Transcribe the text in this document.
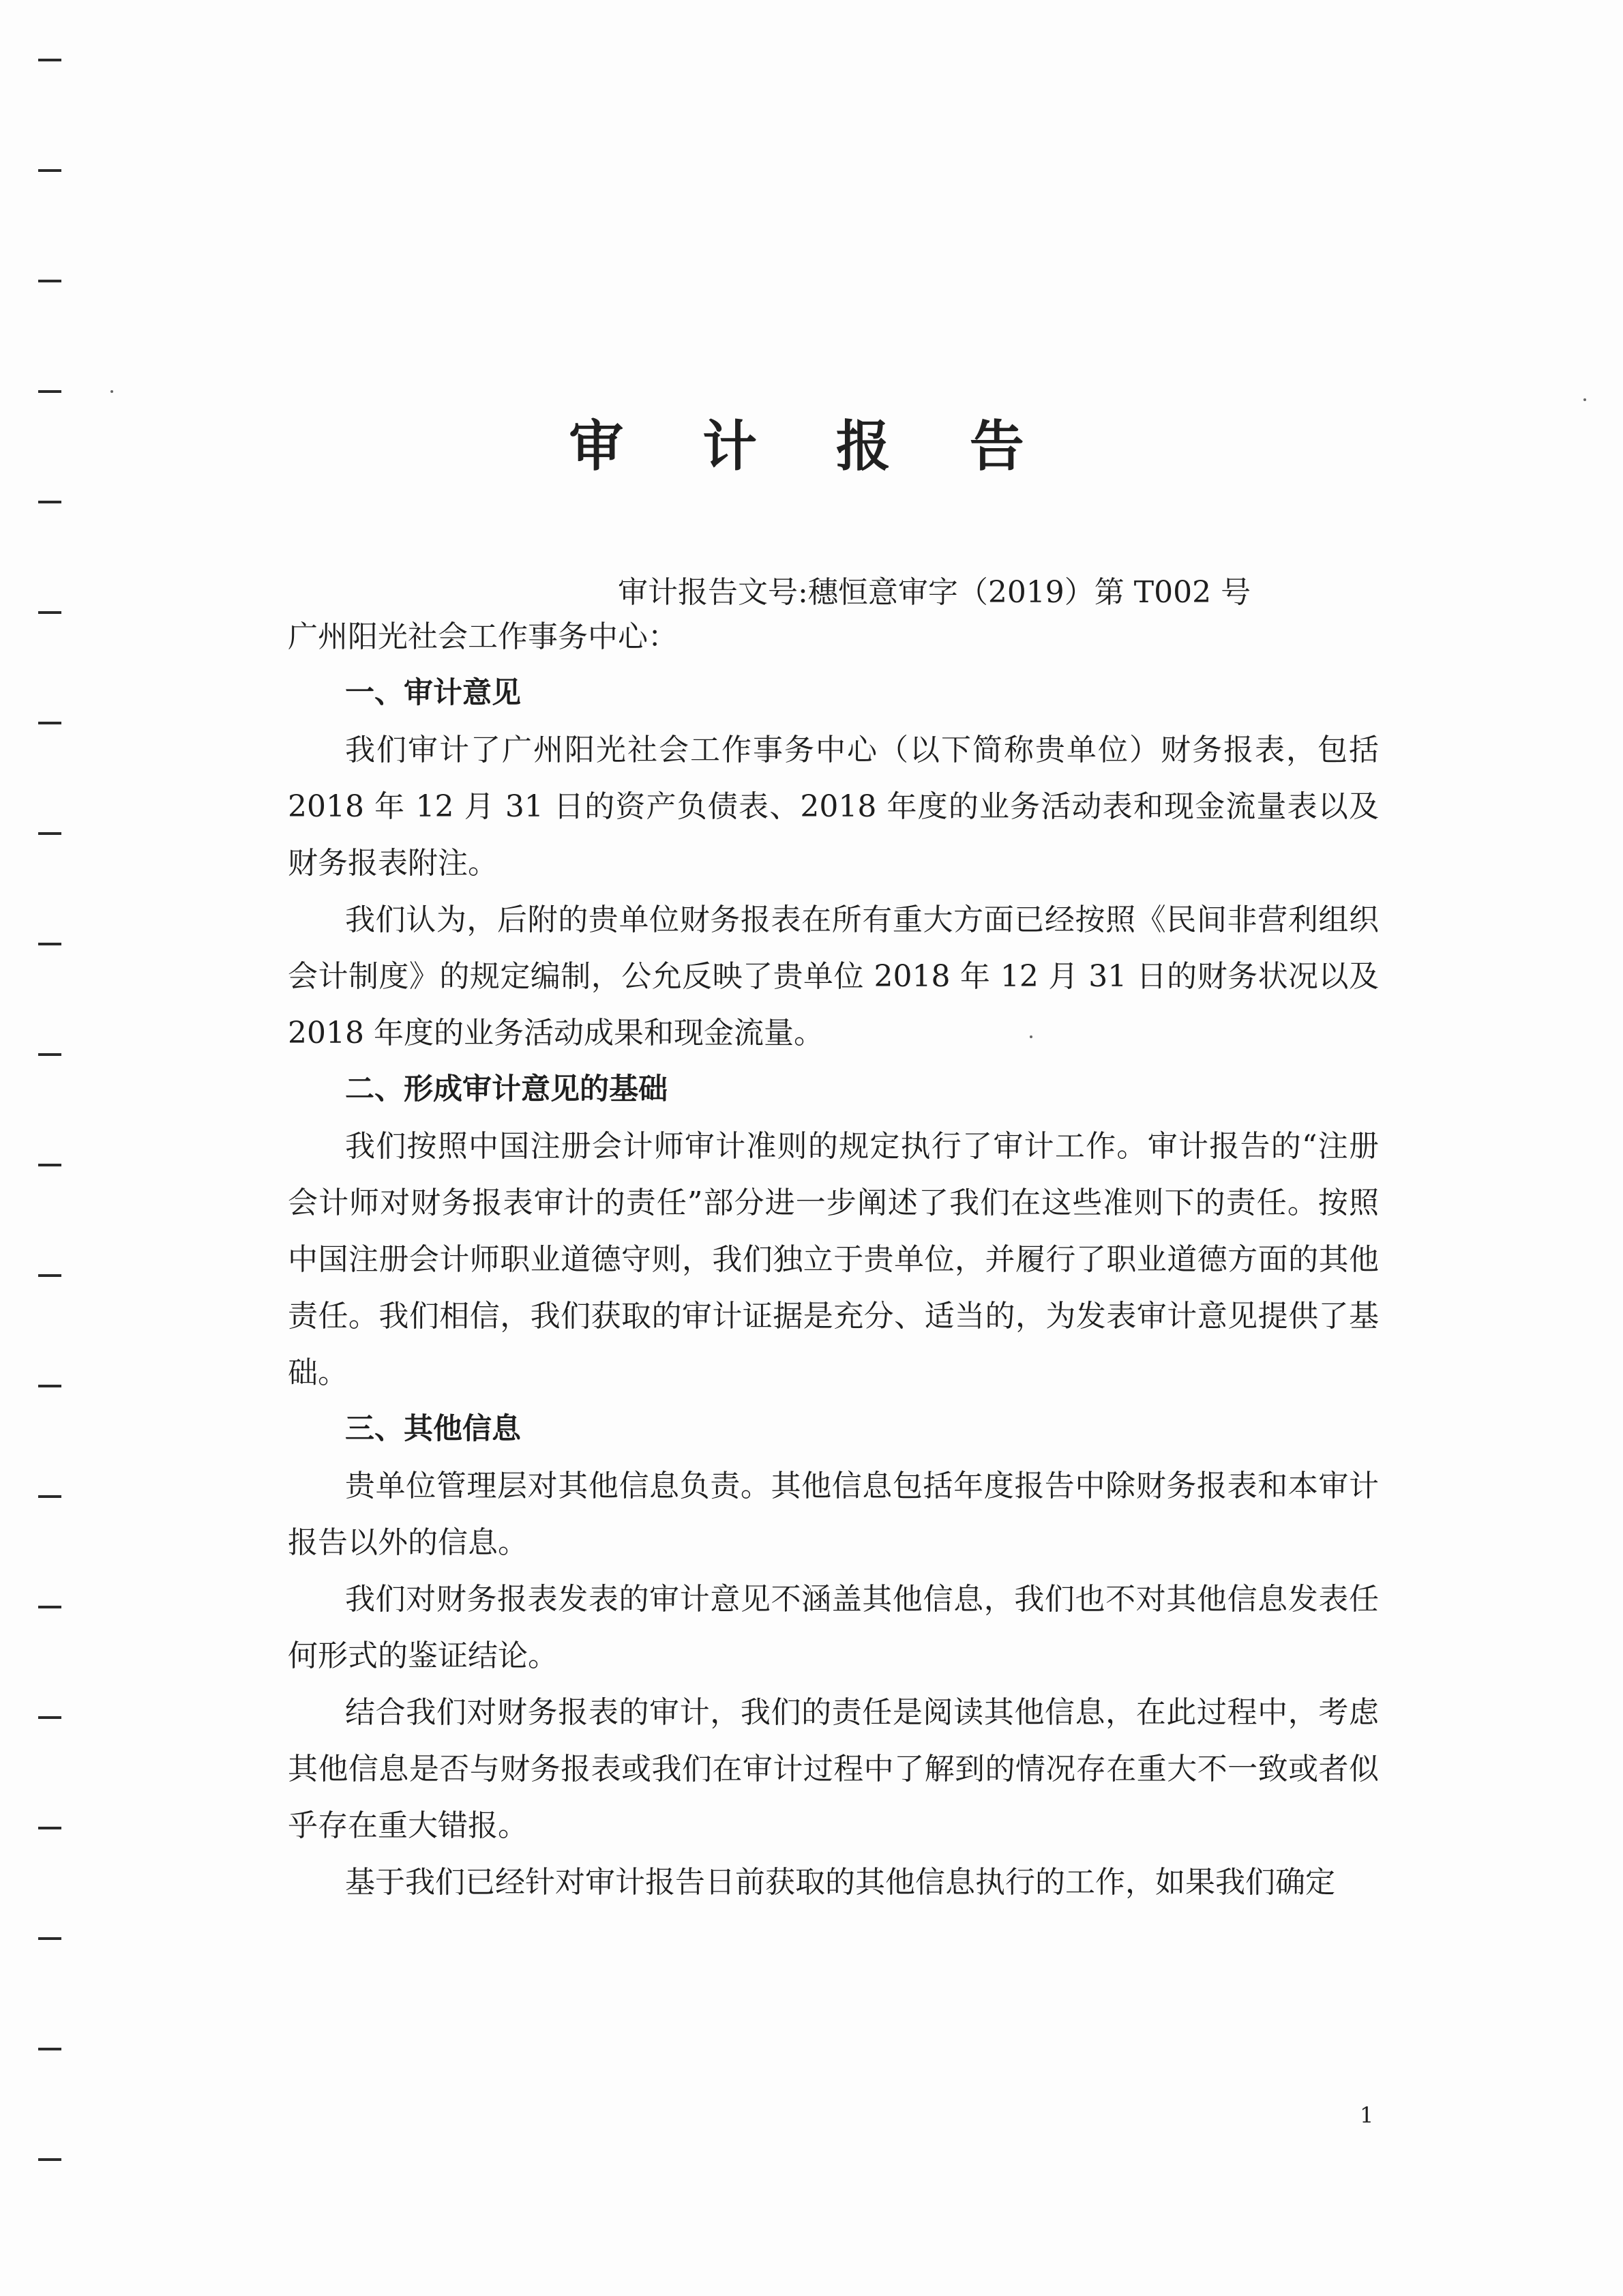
审 计 报 告
审计报告文号:穗恒意审字（2019）第 T002 号
广州阳光社会工作事务中心：
一、审计意见
我们审计了广州阳光社会工作事务中心（以下简称贵单位）财务报表，包括2018 年 12 月 31 日的资产负债表、2018 年度的业务活动表和现金流量表以及财务报表附注。
我们认为，后附的贵单位财务报表在所有重大方面已经按照《民间非营利组织会计制度》的规定编制，公允反映了贵单位 2018 年 12 月 31 日的财务状况以及 2018 年度的业务活动成果和现金流量。
二、形成审计意见的基础
我们按照中国注册会计师审计准则的规定执行了审计工作。审计报告的“注册会计师对财务报表审计的责任”部分进一步阐述了我们在这些准则下的责任。按照中国注册会计师职业道德守则，我们独立于贵单位，并履行了职业道德方面的其他责任。我们相信，我们获取的审计证据是充分、适当的，为发表审计意见提供了基础。
三、其他信息
贵单位管理层对其他信息负责。其他信息包括年度报告中除财务报表和本审计报告以外的信息。
我们对财务报表发表的审计意见不涵盖其他信息，我们也不对其他信息发表任何形式的鉴证结论。
结合我们对财务报表的审计，我们的责任是阅读其他信息，在此过程中，考虑其他信息是否与财务报表或我们在审计过程中了解到的情况存在重大不一致或者似乎存在重大错报。
基于我们已经针对审计报告日前获取的其他信息执行的工作，如果我们确定
1
